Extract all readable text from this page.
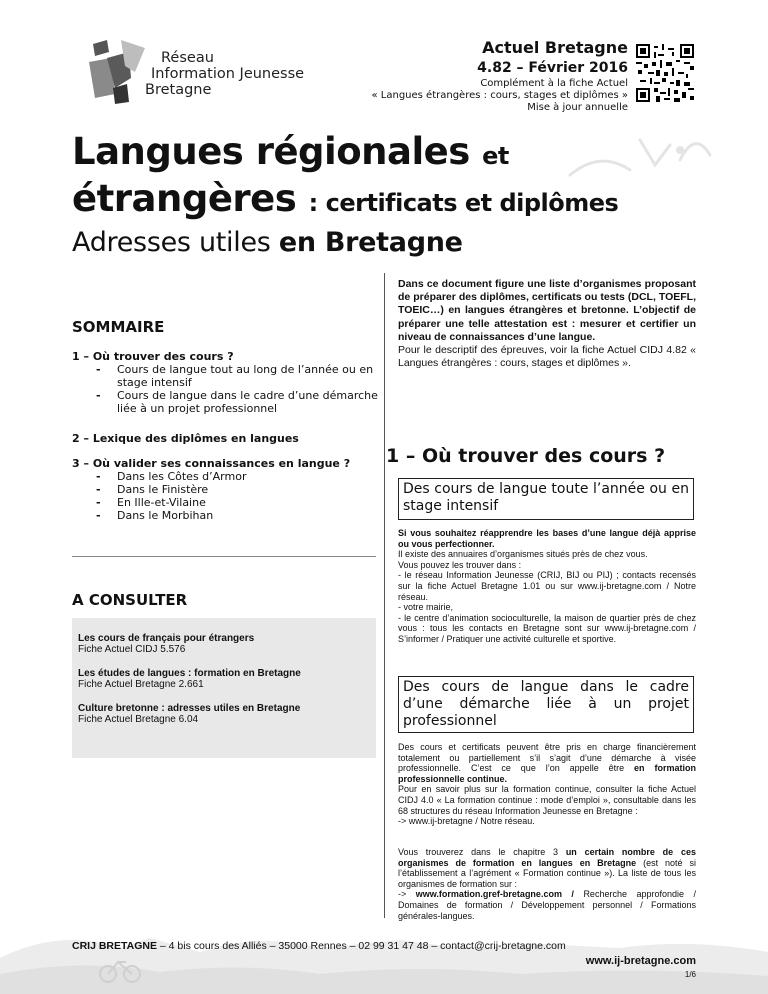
Réseau
Information Jeunesse
Bretagne
Actuel Bretagne
4.82 – Février 2016
Complément à la fiche Actuel
« Langues étrangères : cours, stages et diplômes »
Mise à jour annuelle
Langues régionales et
étrangères : certificats et diplômes
Adresses utiles en Bretagne
SOMMAIRE
1 – Où trouver des cours ?
- Cours de langue tout au long de l’année ou en stage intensif
- Cours de langue dans le cadre d’une démarche liée à un projet professionnel
2 – Lexique des diplômes en langues
3 – Où valider ses connaissances en langue ?
- Dans les Côtes d’Armor
- Dans le Finistère
- En Ille-et-Vilaine
- Dans le Morbihan
A CONSULTER
Les cours de français pour étrangers
Fiche Actuel CIDJ 5.576
Les études de langues : formation en Bretagne
Fiche Actuel Bretagne 2.661
Culture bretonne : adresses utiles en Bretagne
Fiche Actuel Bretagne 6.04
Dans ce document figure une liste d’organismes proposant de préparer des diplômes, certificats ou tests (DCL, TOEFL, TOEIC…) en langues étrangères et bretonne. L’objectif de préparer une telle attestation est : mesurer et certifier un niveau de connaissances d’une langue.
Pour le descriptif des épreuves, voir la fiche Actuel CIDJ 4.82 « Langues étrangères : cours, stages et diplômes ».
1 – Où trouver des cours ?
Des cours de langue toute l’année ou en stage intensif
Si vous souhaitez réapprendre les bases d’une langue déjà apprise ou vous perfectionner.
Il existe des annuaires d’organismes situés près de chez vous.
Vous pouvez les trouver dans :
- le réseau Information Jeunesse (CRIJ, BIJ ou PIJ) ; contacts recensés sur la fiche Actuel Bretagne 1.01 ou sur www.ij-bretagne.com / Notre réseau.
- votre mairie,
- le centre d’animation socioculturelle, la maison de quartier près de chez vous : tous les contacts en Bretagne sont sur www.ij-bretagne.com / S’informer / Pratiquer une activité culturelle et sportive.
Des cours de langue dans le cadre d’une démarche liée à un projet professionnel
Des cours et certificats peuvent être pris en charge financièrement totalement ou partiellement s’il s’agit d’une démarche à visée professionnelle. C’est ce que l’on appelle être en formation professionnelle continue.
Pour en savoir plus sur la formation continue, consulter la fiche Actuel CIDJ 4.0 « La formation continue : mode d’emploi », consultable dans les 68 structures du réseau Information Jeunesse en Bretagne :
-> www.ij-bretagne / Notre réseau.
Vous trouverez dans le chapitre 3 un certain nombre de ces organismes de formation en langues en Bretagne (est noté si l’établissement a l’agrément « Formation continue »). La liste de tous les organismes de formation sur :
-> www.formation.gref-bretagne.com / Recherche approfondie / Domaines de formation / Développement personnel / Formations générales-langues.
CRIJ BRETAGNE – 4 bis cours des Alliés – 35000 Rennes – 02 99 31 47 48 – contact@crij-bretagne.com
www.ij-bretagne.com
1/6
